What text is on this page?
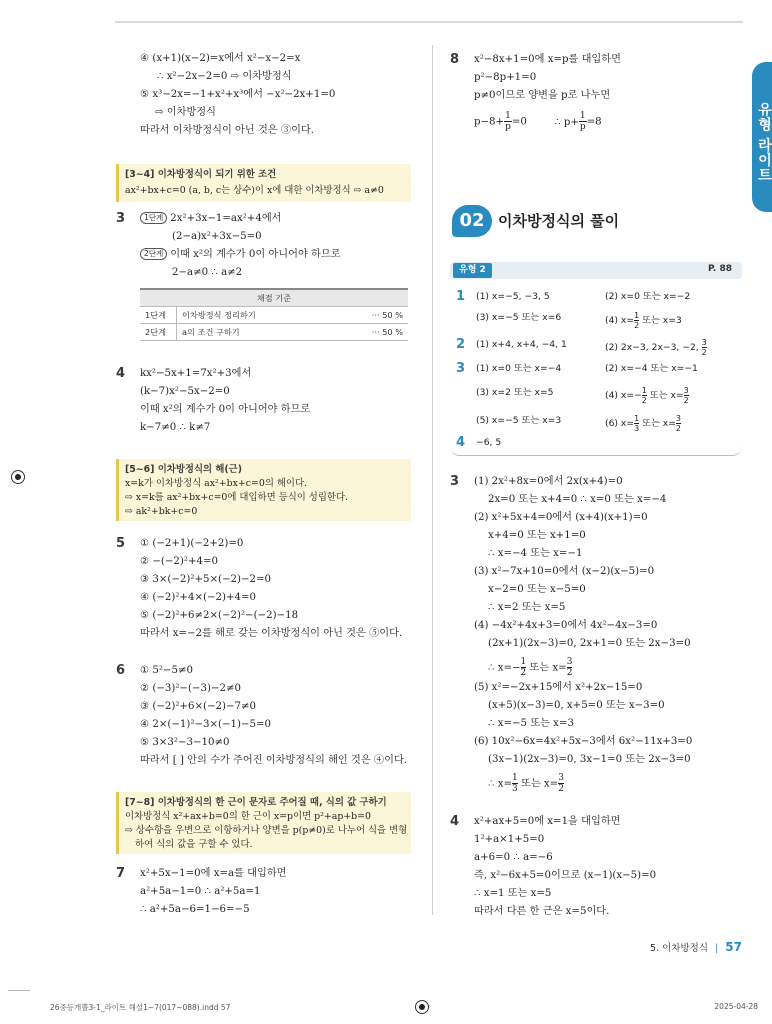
유형 라이트
④ (x+1)(x−2)=x에서 x²−x−2=x
∴ x²−2x−2=0 ⇨ 이차방정식
⑤ x³−2x=−1+x²+x³에서 −x²−2x+1=0
⇨ 이차방정식
따라서 이차방정식이 아닌 것은 ③이다.
[3~4] 이차방정식이 되기 위한 조건
ax²+bx+c=0 (a, b, c는 상수)이 x에 대한 이차방정식 ⇨ a≠0
3	1단계 2x²+3x−1=ax²+4에서
(2−a)x²+3x−5=0
2단계 이때 x²의 계수가 0이 아니어야 하므로
2−a≠0 ∴ a≠2
채점 기준		
1단계	이차방정식 정리하기	··· 50 %
2단계	a의 조건 구하기	··· 50 %
4 kx²−5x+1=7x²+3에서
(k−7)x²−5x−2=0
이때 x²의 계수가 0이 아니어야 하므로
k−7≠0 ∴ k≠7
[5~6] 이차방정식의 해(근)
x=k가 이차방정식 ax²+bx+c=0의 해이다.
⇨ x=k를 ax²+bx+c=0에 대입하면 등식이 성립한다.
⇨ ak²+bk+c=0
5 ① (−2+1)(−2+2)=0
② −(−2)²+4=0
③ 3×(−2)²+5×(−2)−2=0
④ (−2)²+4×(−2)+4=0
⑤ (−2)²+6≠2×(−2)²−(−2)−18
따라서 x=−2를 해로 갖는 이차방정식이 아닌 것은 ⑤이다.
6 ① 5²−5≠0
② (−3)²−(−3)−2≠0
③ (−2)²+6×(−2)−7≠0
④ 2×(−1)²−3×(−1)−5=0
⑤ 3×3²−3−10≠0
따라서 [ ] 안의 수가 주어진 이차방정식의 해인 것은 ④이다.
[7~8] 이차방정식의 한 근이 문자로 주어질 때, 식의 값 구하기
이차방정식 x²+ax+b=0의 한 근이 x=p이면 p²+ap+b=0
⇨ 상수항을 우변으로 이항하거나 양변을 p(p≠0)로 나누어 식을 변형
하여 식의 값을 구할 수 있다.
7 x²+5x−1=0에 x=a를 대입하면
a²+5a−1=0 ∴ a²+5a=1
∴ a²+5a−6=1−6=−5
8 x²−8x+1=0에 x=p를 대입하면
p²−8p+1=0
p≠0이므로 양변을 p로 나누면
$p-8+ \frac{1}{p} =0$	∴ $p+ \frac{1}{p} =8$
02 이차방정식의 풀이
유형 2	P. 88
1 (1) x=−5, −3, 5	(2) x=0 또는 x=−2
(3) x=−5 또는 x=6	(4) $x= \frac{1}{2}$ 또는 x=3
2 (1) x+4, x+4, −4, 1	(2) 2x−3, 2x−3, −2, $\frac{3}{2}$
3 (1) x=0 또는 x=−4	(2) x=−4 또는 x=−1
(3) x=2 또는 x=5	(4) $x=- \frac{1}{2}$ 또는 $x= \frac{3}{2}$
(5) x=−5 또는 x=3	(6) $x= \frac{1}{3}$ 또는 $x= \frac{3}{2}$
4 −6, 5
3 (1) 2x²+8x=0에서 2x(x+4)=0
2x=0 또는 x+4=0 ∴ x=0 또는 x=−4
(2) x²+5x+4=0에서 (x+4)(x+1)=0
x+4=0 또는 x+1=0
∴ x=−4 또는 x=−1
(3) x²−7x+10=0에서 (x−2)(x−5)=0
x−2=0 또는 x−5=0
∴ x=2 또는 x=5
(4) −4x²+4x+3=0에서 4x²−4x−3=0
(2x+1)(2x−3)=0, 2x+1=0 또는 2x−3=0
∴ $x=- \frac{1}{2}$ 또는 $x= \frac{3}{2}$
(5) x²=−2x+15에서 x²+2x−15=0
(x+5)(x−3)=0, x+5=0 또는 x−3=0
∴ x=−5 또는 x=3
(6) 10x²−6x=4x²+5x−3에서 6x²−11x+3=0
(3x−1)(2x−3)=0, 3x−1=0 또는 2x−3=0
∴ $x= \frac{1}{3}$ 또는 $x= \frac{3}{2}$
4 x²+ax+5=0에 x=1을 대입하면
1²+a×1+5=0
a+6=0 ∴ a=−6
즉, x²−6x+5=0이므로 (x−1)(x−5)=0
∴ x=1 또는 x=5
따라서 다른 한 근은 x=5이다.
5. 이차방정식 | 57
26중등개뿔3-1_라이트 해설1~7(017~088).indd 57	2025-04-28
